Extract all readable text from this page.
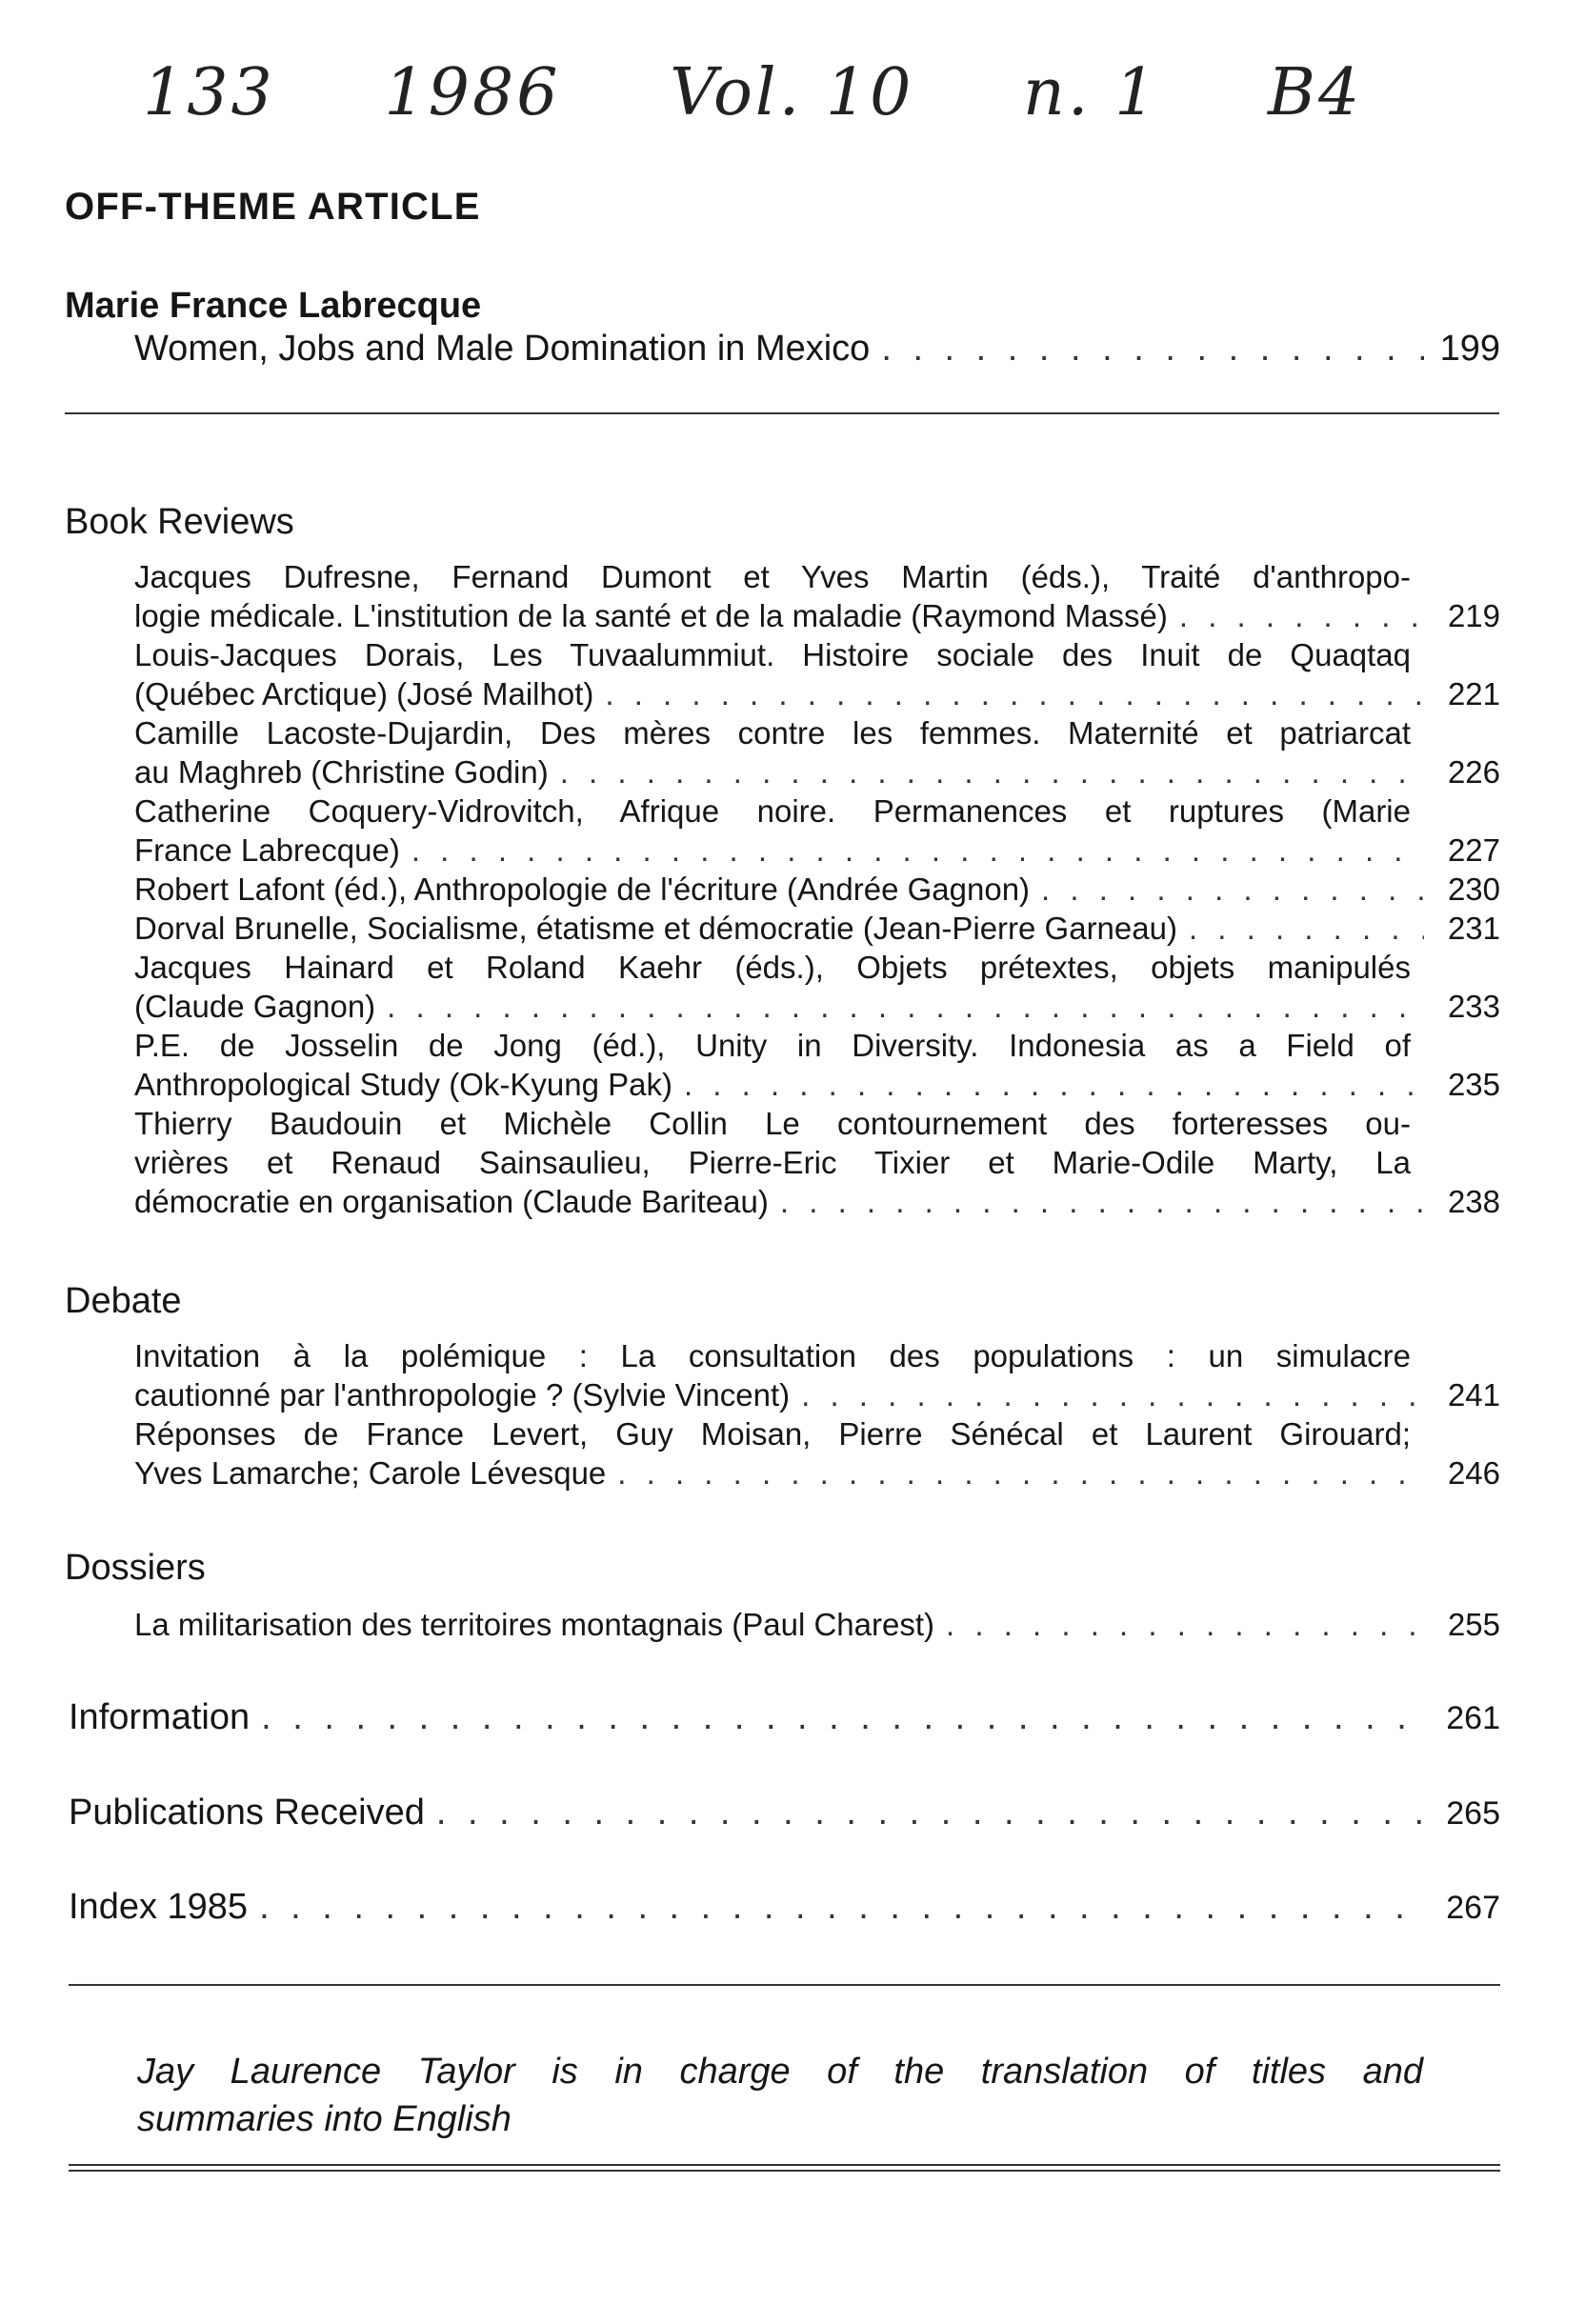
133 1986 Vol. 10 n. 1 B4
OFF-THEME ARTICLE
Marie France Labrecque
Women, Jobs and Male Domination in Mexico . . .	199
Book Reviews
Jacques Dufresne, Fernand Dumont et Yves Martin (éds.), Traité d'anthropo-
logie médicale. L'institution de la santé et de la maladie (Raymond Massé) . . .	219
Louis-Jacques Dorais, Les Tuvaalummiut. Histoire sociale des Inuit de Quaqtaq
(Québec Arctique) (José Mailhot) . . .	221
Camille Lacoste-Dujardin, Des mères contre les femmes. Maternité et patriarcat
au Maghreb (Christine Godin) . . .	226
Catherine Coquery-Vidrovitch, Afrique noire. Permanences et ruptures (Marie
France Labrecque) . . .	227
Robert Lafont (éd.), Anthropologie de l'écriture (Andrée Gagnon) . . .	230
Dorval Brunelle, Socialisme, étatisme et démocratie (Jean-Pierre Garneau) . . .	231
Jacques Hainard et Roland Kaehr (éds.), Objets prétextes, objets manipulés
(Claude Gagnon) . . .	233
P.E. de Josselin de Jong (éd.), Unity in Diversity. Indonesia as a Field of
Anthropological Study (Ok-Kyung Pak) . . .	235
Thierry Baudouin et Michèle Collin Le contournement des forteresses ou-
vrières et Renaud Sainsaulieu, Pierre-Eric Tixier et Marie-Odile Marty, La
démocratie en organisation (Claude Bariteau) . . .	238
Debate
Invitation à la polémique : La consultation des populations : un simulacre
cautionné par l'anthropologie ? (Sylvie Vincent) . . .	241
Réponses de France Levert, Guy Moisan, Pierre Sénécal et Laurent Girouard;
Yves Lamarche; Carole Lévesque . . .	246
Dossiers
La militarisation des territoires montagnais (Paul Charest) . . .	255
Information . . .	261
Publications Received . . .	265
Index 1985 . . .	267
Jay Laurence Taylor is in charge of the translation of titles and
summaries into English
